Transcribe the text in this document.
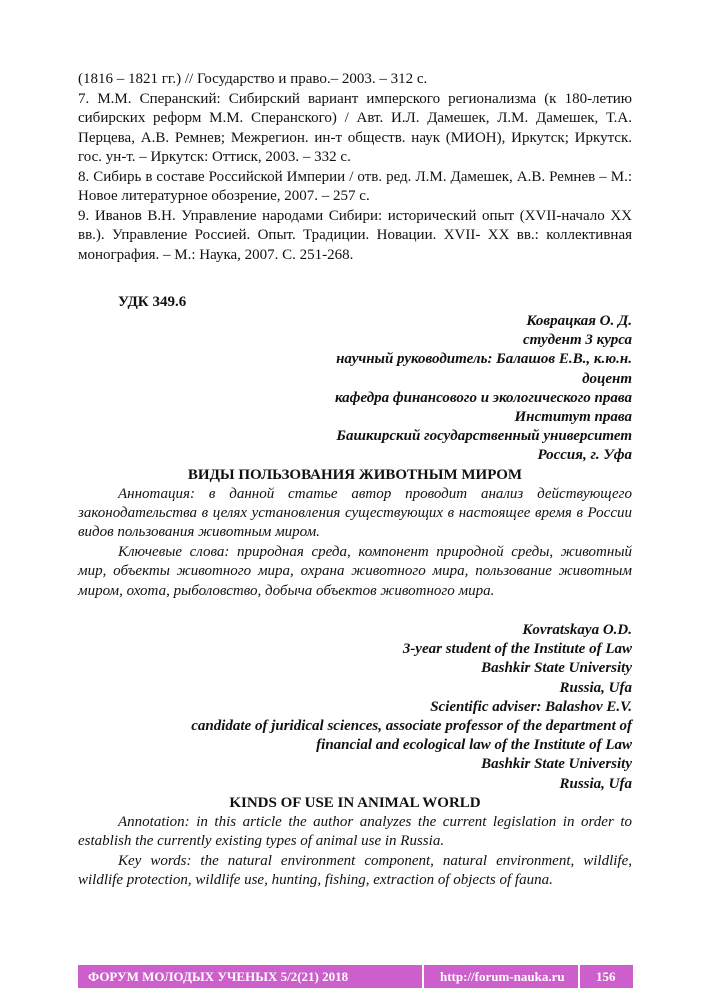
(1816 – 1821 гг.) // Государство и право.– 2003. – 312 с.

7. М.М. Сперанский: Сибирский вариант имперского регионализма (к 180-летию сибирских реформ М.М. Сперанского) / Авт. И.Л. Дамешек, Л.М. Дамешек, Т.А. Перцева, А.В. Ремнев; Межрегион. ин-т обществ. наук (МИОН), Иркутск; Иркутск. гос. ун-т. – Иркутск: Оттиск, 2003. – 332 с.

8. Сибирь в составе Российской Империи / отв. ред. Л.М. Дамешек, А.В. Ремнев – М.: Новое литературное обозрение, 2007. – 257 с.

9. Иванов В.Н. Управление народами Сибири: исторический опыт (XVII-начало XX вв.). Управление Россией. Опыт. Традиции. Новации. XVII- XX вв.: коллективная монография. – М.: Наука, 2007. С. 251-268.

УДК 349.6

Коврацкая О. Д.

студент 3 курса

научный руководитель: Балашов Е.В., к.ю.н.

доцент

кафедра финансового и экологического права

Институт права

Башкирский государственный университет

Россия, г. Уфа

ВИДЫ ПОЛЬЗОВАНИЯ ЖИВОТНЫМ МИРОМ

Аннотация: в данной статье автор проводит анализ действующего законодательства в целях установления существующих в настоящее время в России видов пользования животным миром.

Ключевые слова: природная среда, компонент природной среды, животный мир, объекты животного мира, охрана животного мира, пользование животным миром, охота, рыболовство, добыча объектов животного мира.

Kovratskaya O.D.

3-year student of the Institute of Law

Bashkir State University

Russia, Ufa

Scientific adviser: Balashov E.V.

candidate of juridical sciences, associate professor of the department of

financial and ecological law of the Institute of Law

Bashkir State University

Russia, Ufa

KINDS OF USE IN ANIMAL WORLD

Annotation: in this article the author analyzes the current legislation in order to establish the currently existing types of animal use in Russia.

Key words: the natural environment component, natural environment, wildlife, wildlife protection, wildlife use, hunting, fishing, extraction of objects of fauna.

ФОРУМ МОЛОДЫХ УЧЕНЫХ 5/2(21) 2018	http://forum-nauka.ru 156
